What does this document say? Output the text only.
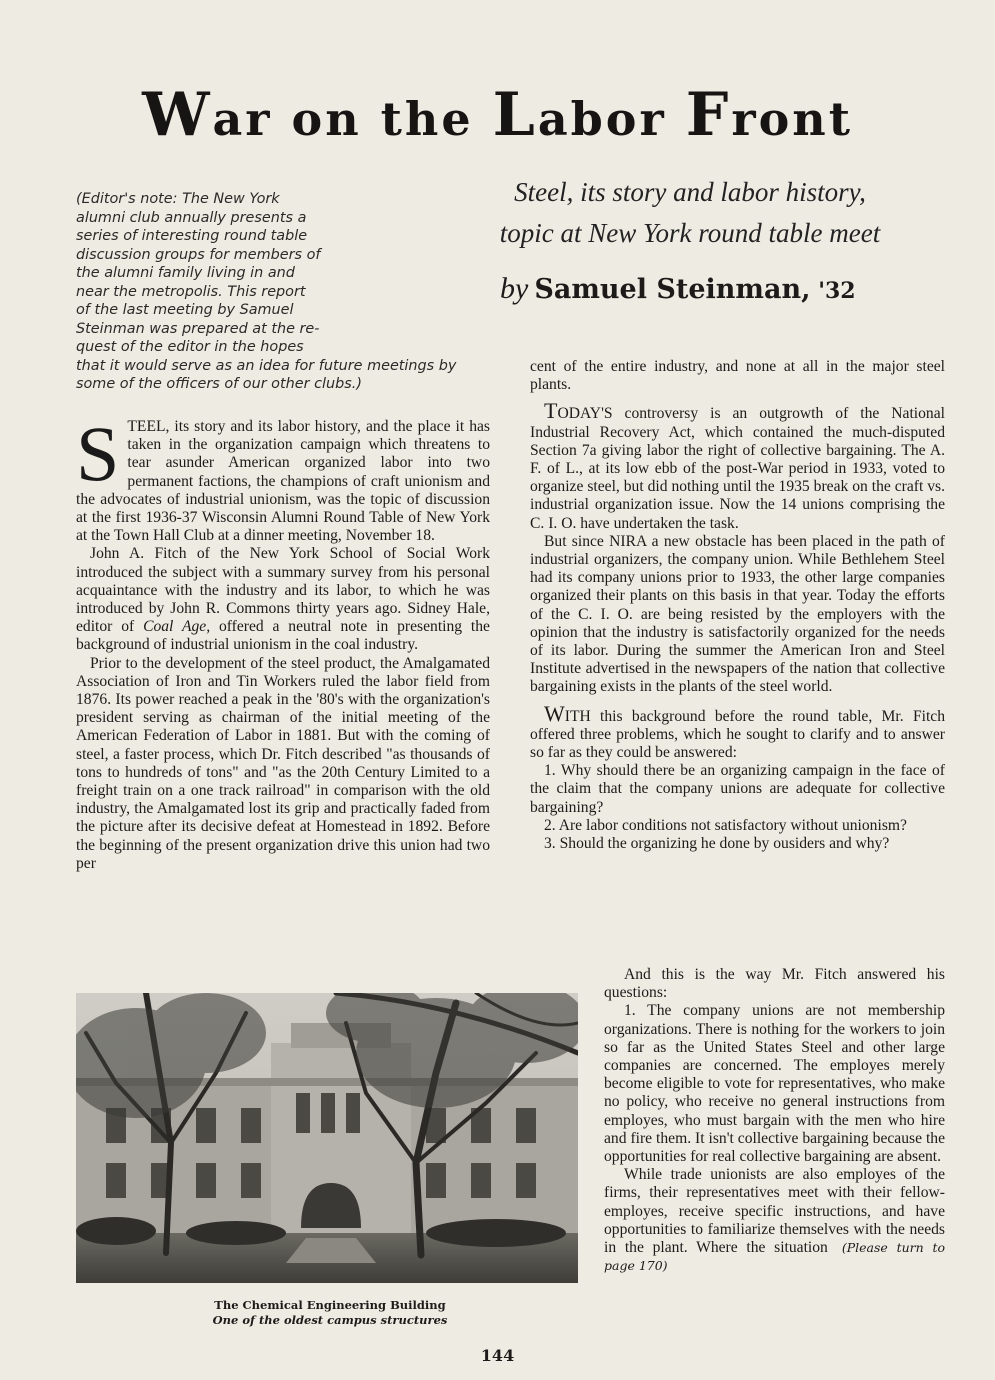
War on the Labor Front
Steel, its story and labor history,
topic at New York round table meet
by Samuel Steinman, '32
(Editor's note: The New York
alumni club annually presents a
series of interesting round table
discussion groups for members of
the alumni family living in and
near the metropolis. This report
of the last meeting by Samuel
Steinman was prepared at the re-
quest of the editor in the hopes
that it would serve as an idea for future meetings by
some of the officers of our other clubs.)

STEEL, its story and its labor history, and the place it has taken in the organization campaign which threatens to tear asunder American organized labor into two permanent factions, the champions of craft unionism and the advocates of industrial unionism, was the topic of discussion at the first 1936-37 Wisconsin Alumni Round Table of New York at the Town Hall Club at a dinner meeting, November 18.

John A. Fitch of the New York School of Social Work introduced the subject with a summary survey from his personal acquaintance with the industry and its labor, to which he was introduced by John R. Commons thirty years ago. Sidney Hale, editor of Coal Age, offered a neutral note in presenting the background of industrial unionism in the coal industry.

Prior to the development of the steel product, the Amalgamated Association of Iron and Tin Workers ruled the labor field from 1876. Its power reached a peak in the '80's with the organization's president serving as chairman of the initial meeting of the American Federation of Labor in 1881. But with the coming of steel, a faster process, which Dr. Fitch described "as thousands of tons to hundreds of tons" and "as the 20th Century Limited to a freight train on a one track railroad" in comparison with the old industry, the Amalgamated lost its grip and practically faded from the picture after its decisive defeat at Homestead in 1892. Before the beginning of the present organization drive this union had two per

cent of the entire industry, and none at all in the major steel plants.

TODAY'S controversy is an outgrowth of the National Industrial Recovery Act, which contained the much-disputed Section 7a giving labor the right of collective bargaining. The A. F. of L., at its low ebb of the post-War period in 1933, voted to organize steel, but did nothing until the 1935 break on the craft vs. industrial organization issue. Now the 14 unions comprising the C. I. O. have undertaken the task.

But since NIRA a new obstacle has been placed in the path of industrial organizers, the company union. While Bethlehem Steel had its company unions prior to 1933, the other large companies organized their plants on this basis in that year. Today the efforts of the C. I. O. are being resisted by the employers with the opinion that the industry is satisfactorily organized for the needs of its labor. During the summer the American Iron and Steel Institute advertised in the newspapers of the nation that collective bargaining exists in the plants of the steel world.

WITH this background before the round table, Mr. Fitch offered three problems, which he sought to clarify and to answer so far as they could be answered:

1. Why should there be an organizing campaign in the face of the claim that the company unions are adequate for collective bargaining?

2. Are labor conditions not satisfactory without unionism?

3. Should the organizing he done by ousiders and why?

And this is the way Mr. Fitch answered his questions:

1. The company unions are not membership organizations. There is nothing for the workers to join so far as the United States Steel and other large companies are concerned. The employes merely become eligible to vote for representatives, who make no policy, who receive no general instructions from employes, who must bargain with the men who hire and fire them. It isn't collective bargaining because the opportunities for real collective bargaining are absent.

While trade unionists are also employes of the firms, their representatives meet with their fellow-employes, receive specific instructions, and have opportunities to familiarize themselves with the needs in the plant. Where the situation (Please turn to page 170)

The Chemical Engineering Building
One of the oldest campus structures
144
